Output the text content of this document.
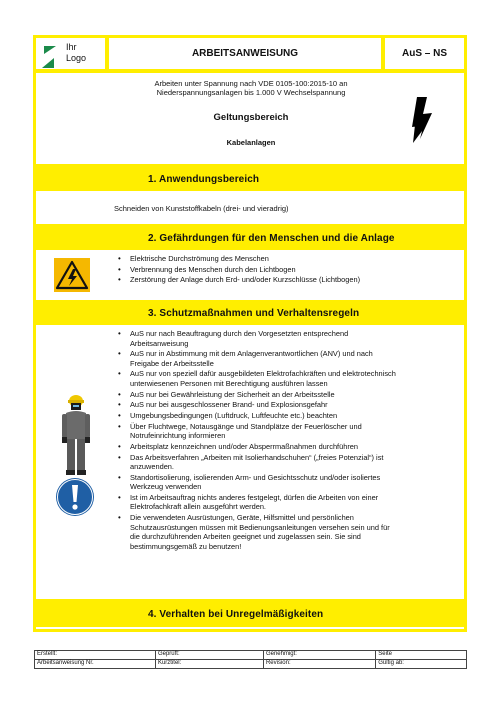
Ihr
Logo	ARBEITSANWEISUNG	AuS – NS
Arbeiten unter Spannung nach VDE 0105-100:2015-10 an
Niederspannungsanlagen bis 1.000 V Wechselspannung
Geltungsbereich
Kabelanlagen
1. Anwendungsbereich
Schneiden von Kunststoffkabeln (drei- und vieradrig)
2. Gefährdungen für den Menschen und die Anlage
• Elektrische Durchströmung des Menschen
• Verbrennung des Menschen durch den Lichtbogen
• Zerstörung der Anlage durch Erd- und/oder Kurzschlüsse (Lichtbogen)
3. Schutzmaßnahmen und Verhaltensregeln
• AuS nur nach Beauftragung durch den Vorgesetzten entsprechend Arbeitsanweisung
• AuS nur in Abstimmung mit dem Anlagenverantwortlichen (ANV) und nach Freigabe der Arbeitsstelle
• AuS nur von speziell dafür ausgebildeten Elektrofachkräften und elektrotechnisch unterwiesenen Personen mit Berechtigung ausführen lassen
• AuS nur bei Gewährleistung der Sicherheit an der Arbeitsstelle
• AuS nur bei ausgeschlossener Brand- und Explosionsgefahr
• Umgebungsbedingungen (Luftdruck, Luftfeuchte etc.) beachten
• Über Fluchtwege, Notausgänge und Standplätze der Feuerlöscher und Notrufeinrichtung informieren
• Arbeitsplatz kennzeichnen und/oder Absperrmaßnahmen durchführen
• Das Arbeitsverfahren „Arbeiten mit Isolierhandschuhen“ („freies Potenzial“) ist anzuwenden.
• Standortisolierung, isolierenden Arm- und Gesichtsschutz und/oder isoliertes Werkzeug verwenden
• Ist im Arbeitsauftrag nichts anderes festgelegt, dürfen die Arbeiten von einer Elektrofachkraft allein ausgeführt werden.
• Die verwendeten Ausrüstungen, Geräte, Hilfsmittel und persönlichen Schutzausrüstungen müssen mit Bedienungsanleitungen versehen sein und für die durchzuführenden Arbeiten geeignet und zugelassen sein. Sie sind bestimmungsgemäß zu benutzen!
4. Verhalten bei Unregelmäßigkeiten
Erstellt:	Geprüft:	Genehmigt:	Seite
Arbeitsanweisung Nr.	Kurztitel:	Revision:	Gültig ab:
